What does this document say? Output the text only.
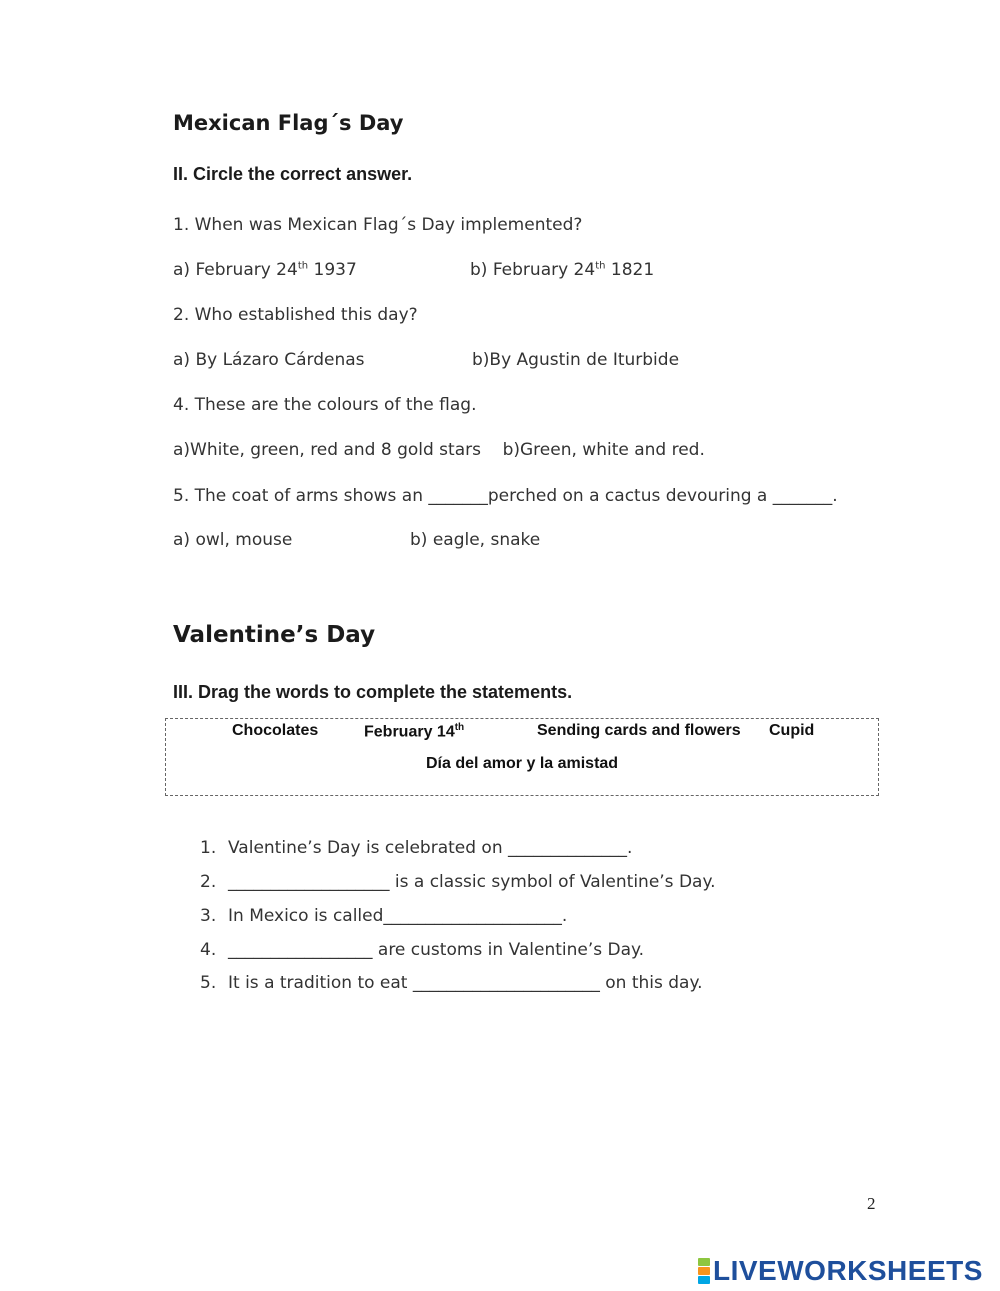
Mexican Flag´s Day
II. Circle the correct answer.
1. When was Mexican Flag´s Day implemented?
a) February 24th 1937	b) February 24th 1821
2. Who established this day?
a) By Lázaro Cárdenas	b)By Agustin de Iturbide
4. These are the colours of the flag.
a)White, green, red and 8 gold stars    b)Green, white and red.
5. The coat of arms shows an _______perched on a cactus devouring a _______.
a) owl, mouse	b) eagle, snake
Valentine’s Day
III. Drag the words to complete the statements.
Chocolates	February 14th	Sending cards and flowers Cupid
Día del amor y la amistad
1. Valentine’s Day is celebrated on ______________.
2. ___________________ is a classic symbol of Valentine’s Day.
3. In Mexico is called_____________________.
4. _________________ are customs in Valentine’s Day.
5. It is a tradition to eat ______________________ on this day.
2
LIVEWORKSHEETS
